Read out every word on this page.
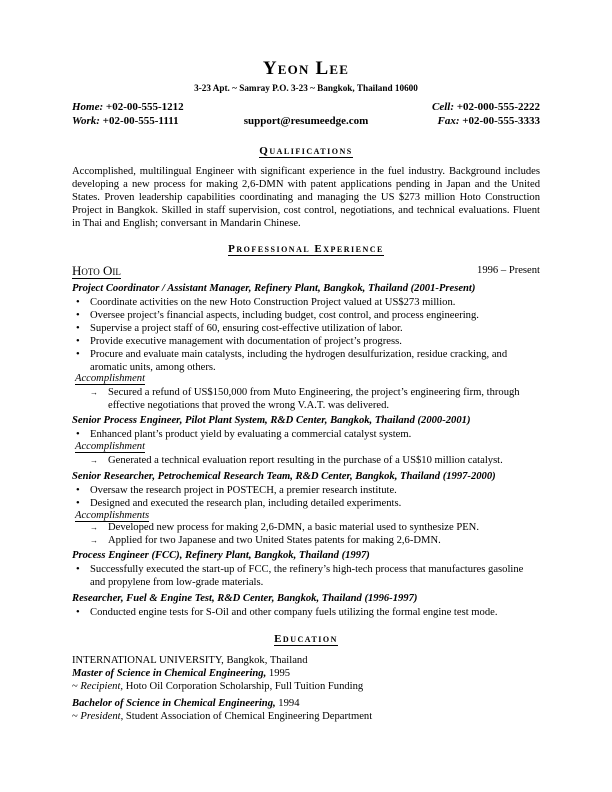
Yeon Lee
3-23 Apt. ~ Samray P.O. 3-23 ~ Bangkok, Thailand 10600
Home: +02-00-555-1212
Work: +02-00-555-1111	support@resumeedge.com
Cell: +02-000-555-2222
Fax: +02-00-555-3333
Qualifications
Accomplished, multilingual Engineer with significant experience in the fuel industry. Background includes developing a new process for making 2,6-DMN with patent applications pending in Japan and the United States. Proven leadership capabilities coordinating and managing the US $273 million Hoto Construction Project in Bangkok. Skilled in staff supervision, cost control, negotiations, and technical evaluations. Fluent in Thai and English; conversant in Mandarin Chinese.
Professional Experience
Hoto Oil	1996 – Present
Project Coordinator / Assistant Manager, Refinery Plant, Bangkok, Thailand (2001-Present)
• Coordinate activities on the new Hoto Construction Project valued at US$273 million.
• Oversee project’s financial aspects, including budget, cost control, and process engineering.
• Supervise a project staff of 60, ensuring cost-effective utilization of labor.
• Provide executive management with documentation of project’s progress.
• Procure and evaluate main catalysts, including the hydrogen desulfurization, residue cracking, and aromatic units, among others.
Accomplishment
→ Secured a refund of US$150,000 from Muto Engineering, the project’s engineering firm, through effective negotiations that proved the wrong V.A.T. was delivered.
Senior Process Engineer, Pilot Plant System, R&D Center, Bangkok, Thailand (2000-2001)
• Enhanced plant’s product yield by evaluating a commercial catalyst system.
Accomplishment
→ Generated a technical evaluation report resulting in the purchase of a US$10 million catalyst.
Senior Researcher, Petrochemical Research Team, R&D Center, Bangkok, Thailand (1997-2000)
• Oversaw the research project in POSTECH, a premier research institute.
• Designed and executed the research plan, including detailed experiments.
Accomplishments
→ Developed new process for making 2,6-DMN, a basic material used to synthesize PEN.
→ Applied for two Japanese and two United States patents for making 2,6-DMN.
Process Engineer (FCC), Refinery Plant, Bangkok, Thailand (1997)
• Successfully executed the start-up of FCC, the refinery’s high-tech process that manufactures gasoline and propylene from low-grade materials.
Researcher, Fuel & Engine Test, R&D Center, Bangkok, Thailand (1996-1997)
• Conducted engine tests for S-Oil and other company fuels utilizing the formal engine test mode.
Education
INTERNATIONAL UNIVERSITY, Bangkok, Thailand
Master of Science in Chemical Engineering, 1995
~ Recipient, Hoto Oil Corporation Scholarship, Full Tuition Funding
Bachelor of Science in Chemical Engineering, 1994
~ President, Student Association of Chemical Engineering Department
